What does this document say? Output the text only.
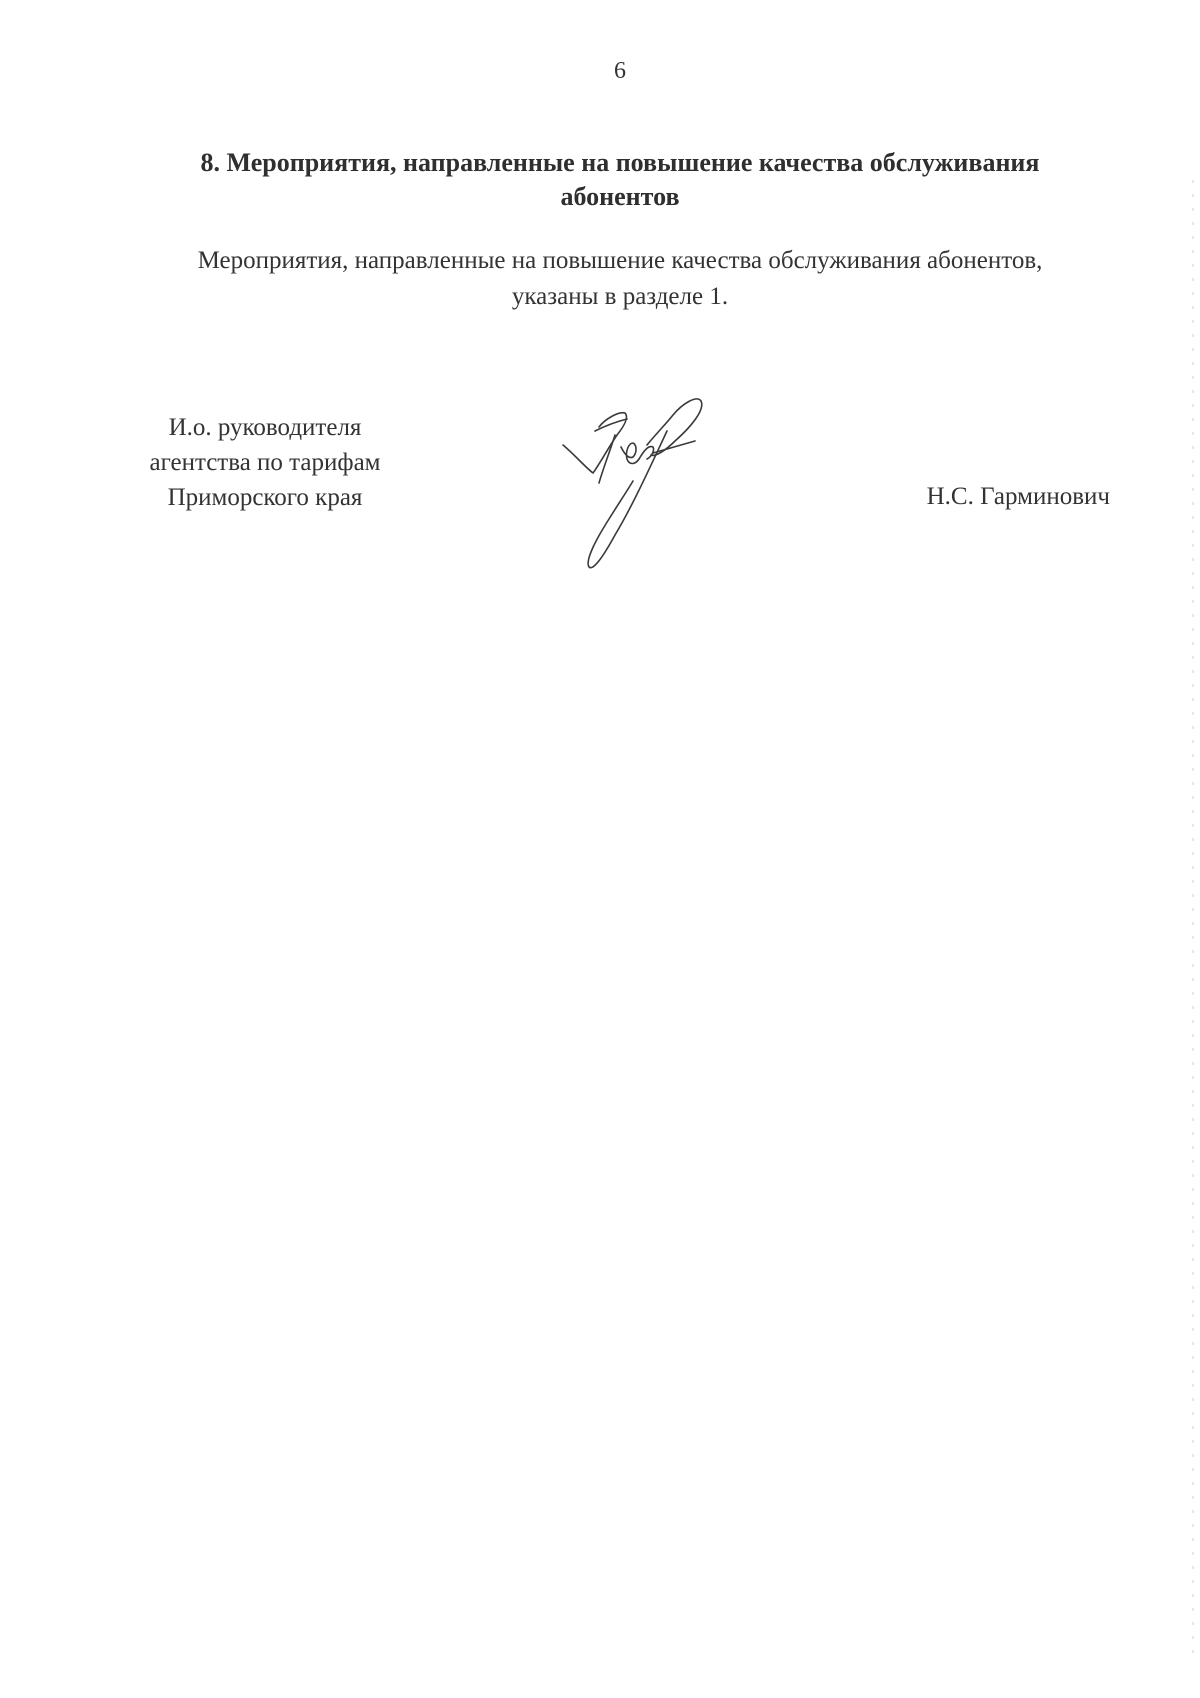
6
8. Мероприятия, направленные на повышение качества обслуживания
абонентов
Мероприятия, направленные на повышение качества обслуживания абонентов,
указаны в разделе 1.
И.о. руководителя
агентства по тарифам
Приморского края	Н.С. Гарминович
